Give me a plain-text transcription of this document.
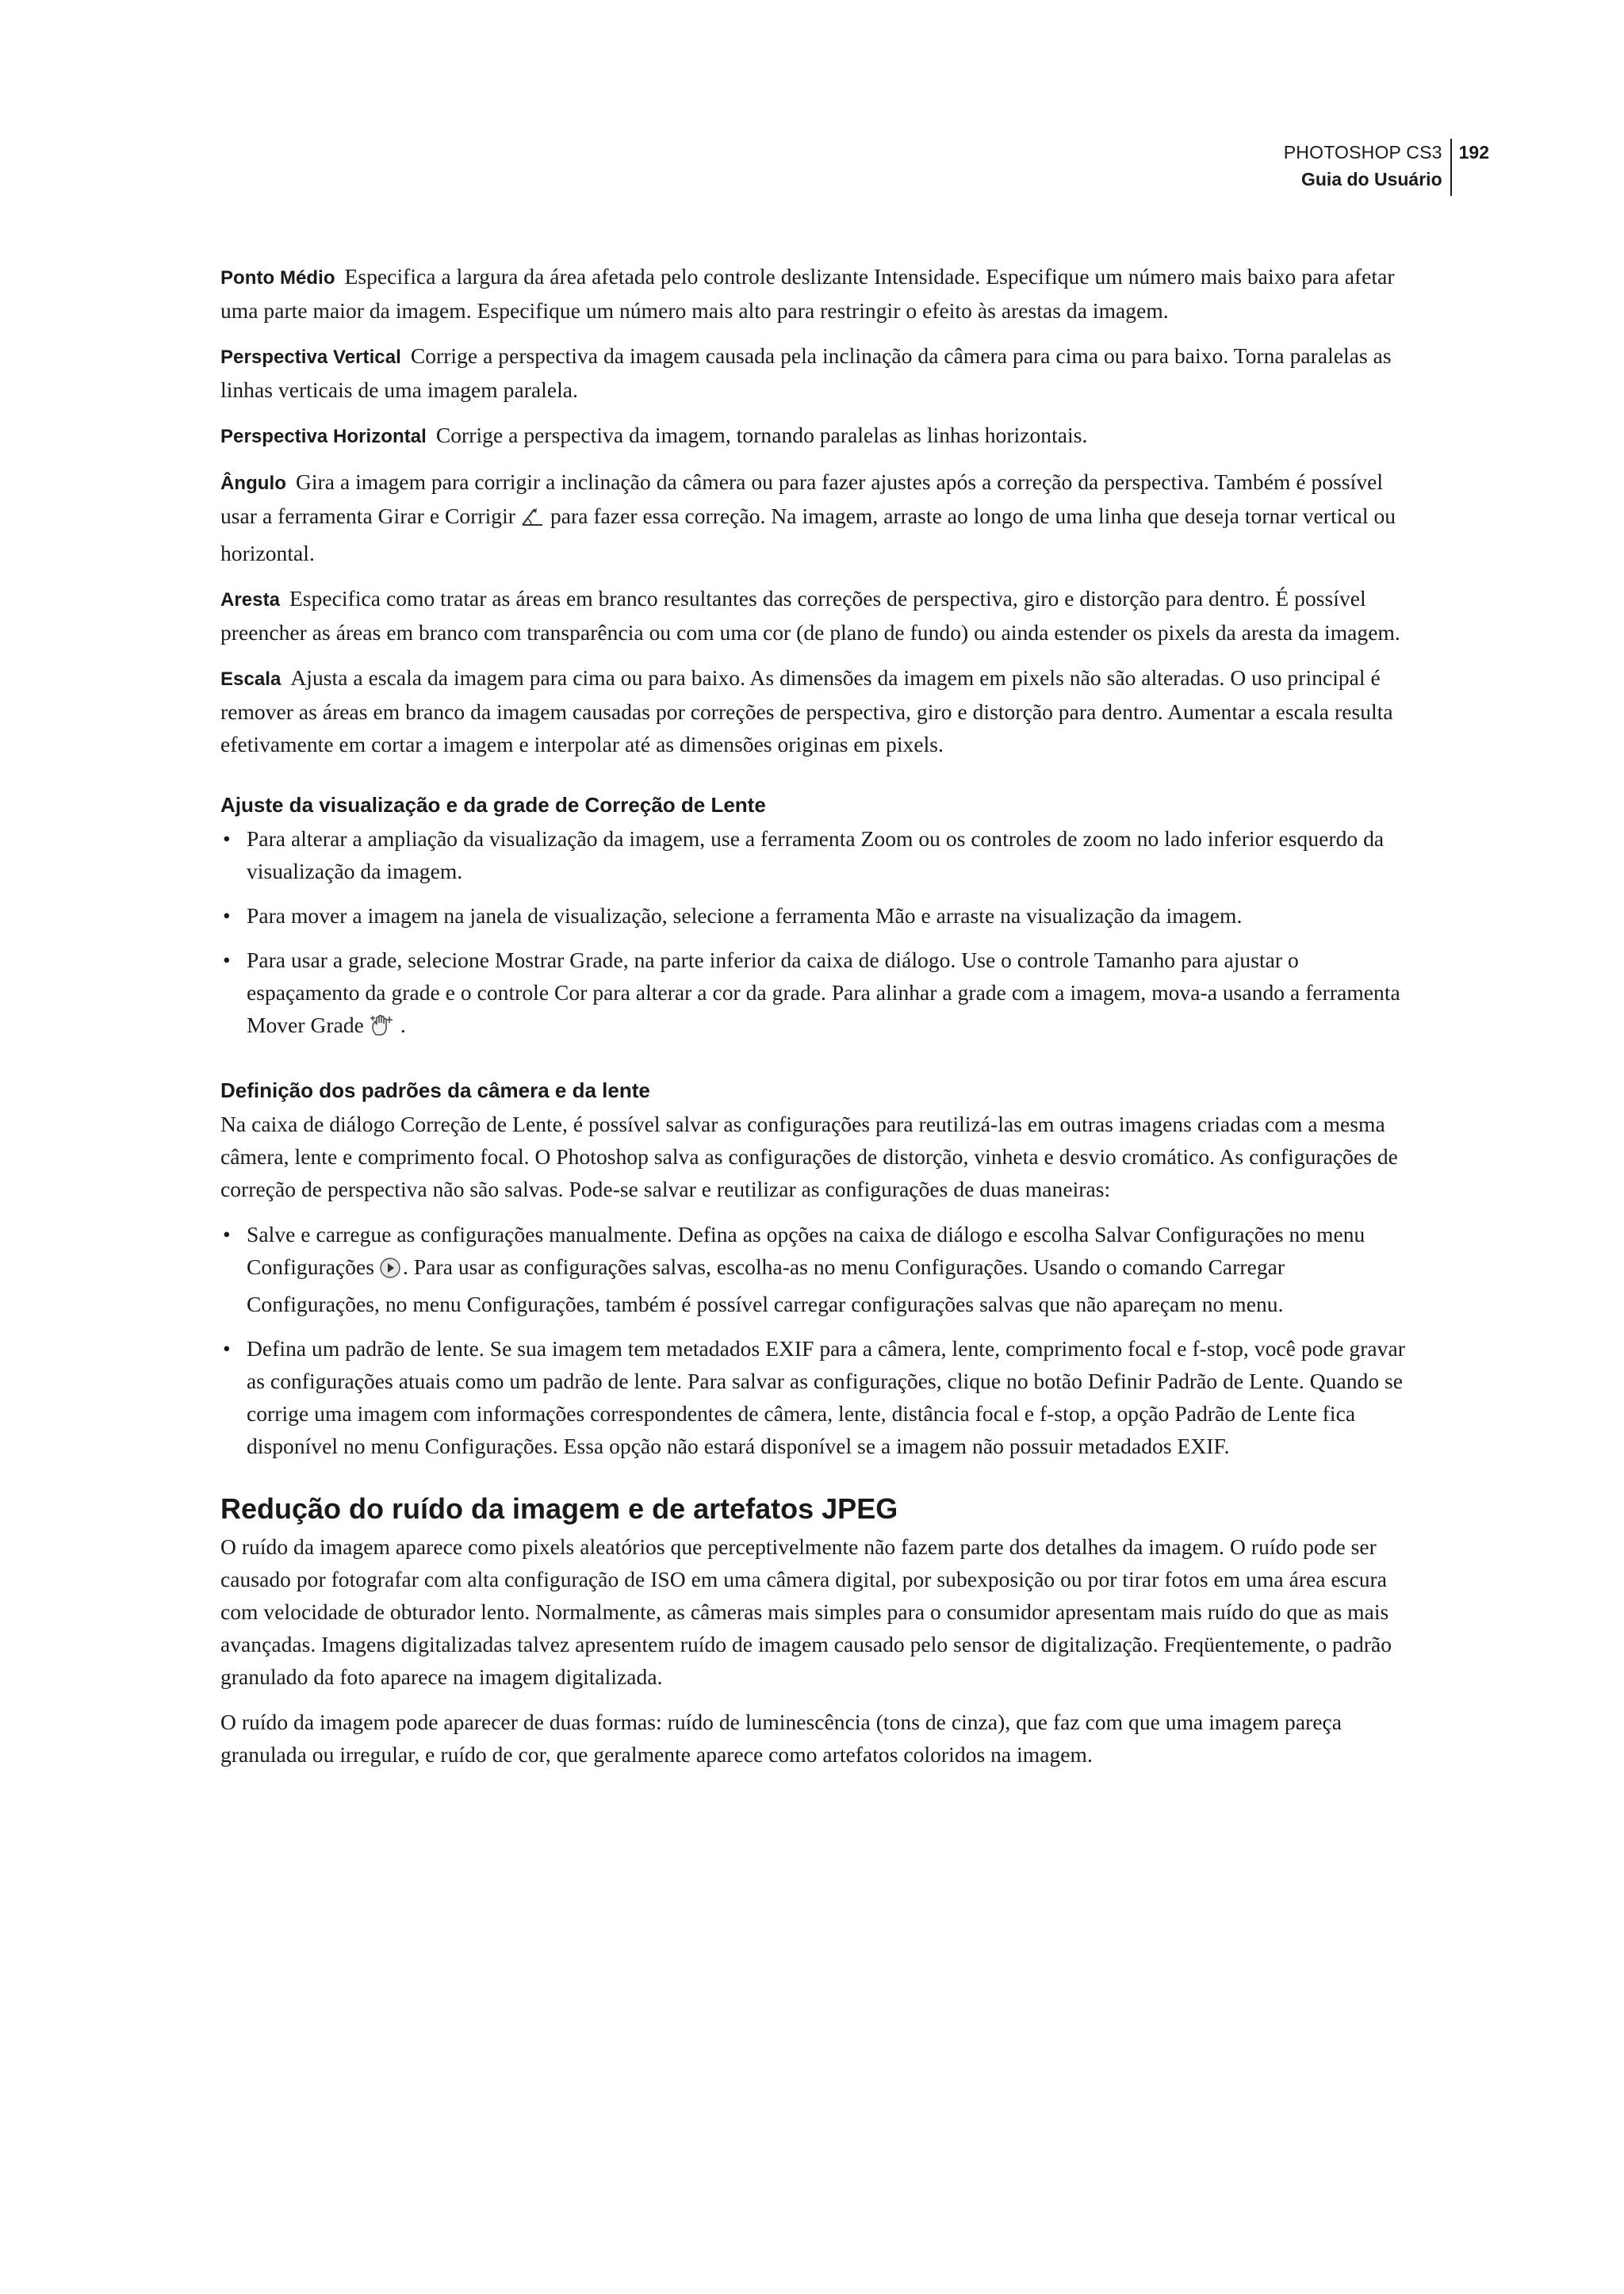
PHOTOSHOP CS3
Guia do Usuário
192

Ponto Médio Especifica a largura da área afetada pelo controle deslizante Intensidade. Especifique um número mais baixo para afetar uma parte maior da imagem. Especifique um número mais alto para restringir o efeito às arestas da imagem.

Perspectiva Vertical Corrige a perspectiva da imagem causada pela inclinação da câmera para cima ou para baixo. Torna paralelas as linhas verticais de uma imagem paralela.

Perspectiva Horizontal Corrige a perspectiva da imagem, tornando paralelas as linhas horizontais.

Ângulo Gira a imagem para corrigir a inclinação da câmera ou para fazer ajustes após a correção da perspectiva. Também é possível usar a ferramenta Girar e Corrigir para fazer essa correção. Na imagem, arraste ao longo de uma linha que deseja tornar vertical ou horizontal.

Aresta Especifica como tratar as áreas em branco resultantes das correções de perspectiva, giro e distorção para dentro. É possível preencher as áreas em branco com transparência ou com uma cor (de plano de fundo) ou ainda estender os pixels da aresta da imagem.

Escala Ajusta a escala da imagem para cima ou para baixo. As dimensões da imagem em pixels não são alteradas. O uso principal é remover as áreas em branco da imagem causadas por correções de perspectiva, giro e distorção para dentro. Aumentar a escala resulta efetivamente em cortar a imagem e interpolar até as dimensões originas em pixels.

Ajuste da visualização e da grade de Correção de Lente
• Para alterar a ampliação da visualização da imagem, use a ferramenta Zoom ou os controles de zoom no lado inferior esquerdo da visualização da imagem.
• Para mover a imagem na janela de visualização, selecione a ferramenta Mão e arraste na visualização da imagem.
• Para usar a grade, selecione Mostrar Grade, na parte inferior da caixa de diálogo. Use o controle Tamanho para ajustar o espaçamento da grade e o controle Cor para alterar a cor da grade. Para alinhar a grade com a imagem, mova-a usando a ferramenta Mover Grade .
Definição dos padrões da câmera e da lente

Na caixa de diálogo Correção de Lente, é possível salvar as configurações para reutilizá-las em outras imagens criadas com a mesma câmera, lente e comprimento focal. O Photoshop salva as configurações de distorção, vinheta e desvio cromático. As configurações de correção de perspectiva não são salvas. Pode-se salvar e reutilizar as configurações de duas maneiras:

• Salve e carregue as configurações manualmente. Defina as opções na caixa de diálogo e escolha Salvar Configurações no menu Configurações . Para usar as configurações salvas, escolha-as no menu Configurações. Usando o comando Carregar Configurações, no menu Configurações, também é possível carregar configurações salvas que não apareçam no menu.
• Defina um padrão de lente. Se sua imagem tem metadados EXIF para a câmera, lente, comprimento focal e f-stop, você pode gravar as configurações atuais como um padrão de lente. Para salvar as configurações, clique no botão Definir Padrão de Lente. Quando se corrige uma imagem com informações correspondentes de câmera, lente, distância focal e f-stop, a opção Padrão de Lente fica disponível no menu Configurações. Essa opção não estará disponível se a imagem não possuir metadados EXIF.
Redução do ruído da imagem e de artefatos JPEG

O ruído da imagem aparece como pixels aleatórios que perceptivelmente não fazem parte dos detalhes da imagem. O ruído pode ser causado por fotografar com alta configuração de ISO em uma câmera digital, por subexposição ou por tirar fotos em uma área escura com velocidade de obturador lento. Normalmente, as câmeras mais simples para o consumidor apresentam mais ruído do que as mais avançadas. Imagens digitalizadas talvez apresentem ruído de imagem causado pelo sensor de digitalização. Freqüentemente, o padrão granulado da foto aparece na imagem digitalizada.

O ruído da imagem pode aparecer de duas formas: ruído de luminescência (tons de cinza), que faz com que uma imagem pareça granulada ou irregular, e ruído de cor, que geralmente aparece como artefatos coloridos na imagem.
